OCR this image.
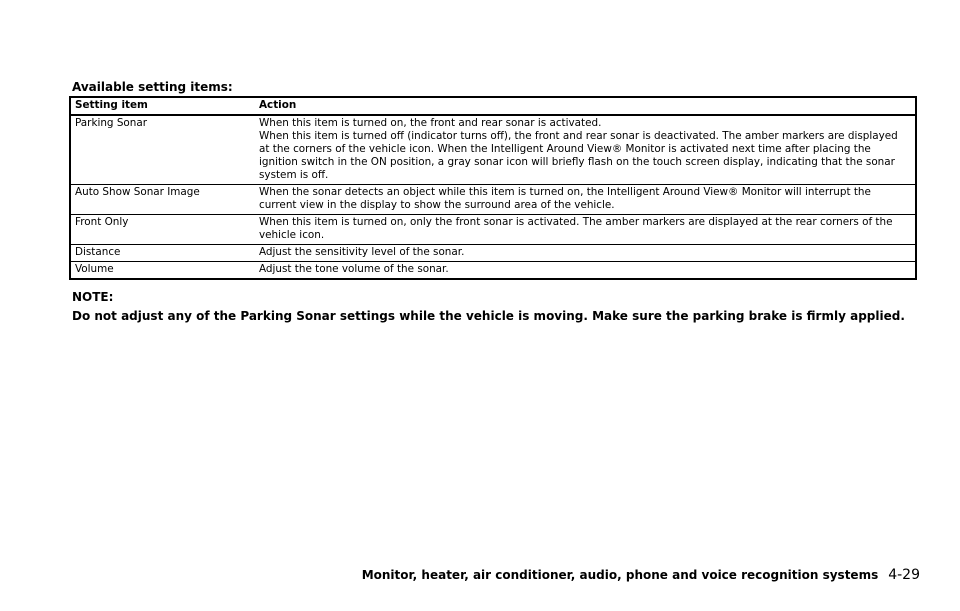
Available setting items:
Setting item	Action
Parking Sonar	When this item is turned on, the front and rear sonar is activated.
When this item is turned off (indicator turns off), the front and rear sonar is deactivated. The amber markers are displayed at the corners of the vehicle icon. When the Intelligent Around View® Monitor is activated next time after placing the ignition switch in the ON position, a gray sonar icon will briefly flash on the touch screen display, indicating that the sonar system is off.

Auto Show Sonar Image	When the sonar detects an object while this item is turned on, the Intelligent Around View® Monitor will interrupt the current view in the display to show the surround area of the vehicle.

Front Only	When this item is turned on, only the front sonar is activated. The amber markers are displayed at the rear corners of the vehicle icon.

Distance	Adjust the sensitivity level of the sonar.

Volume	Adjust the tone volume of the sonar.

NOTE:

Do not adjust any of the Parking Sonar settings while the vehicle is moving. Make sure the parking brake is firmly applied.

Monitor, heater, air conditioner, audio, phone and voice recognition systems 4-29
